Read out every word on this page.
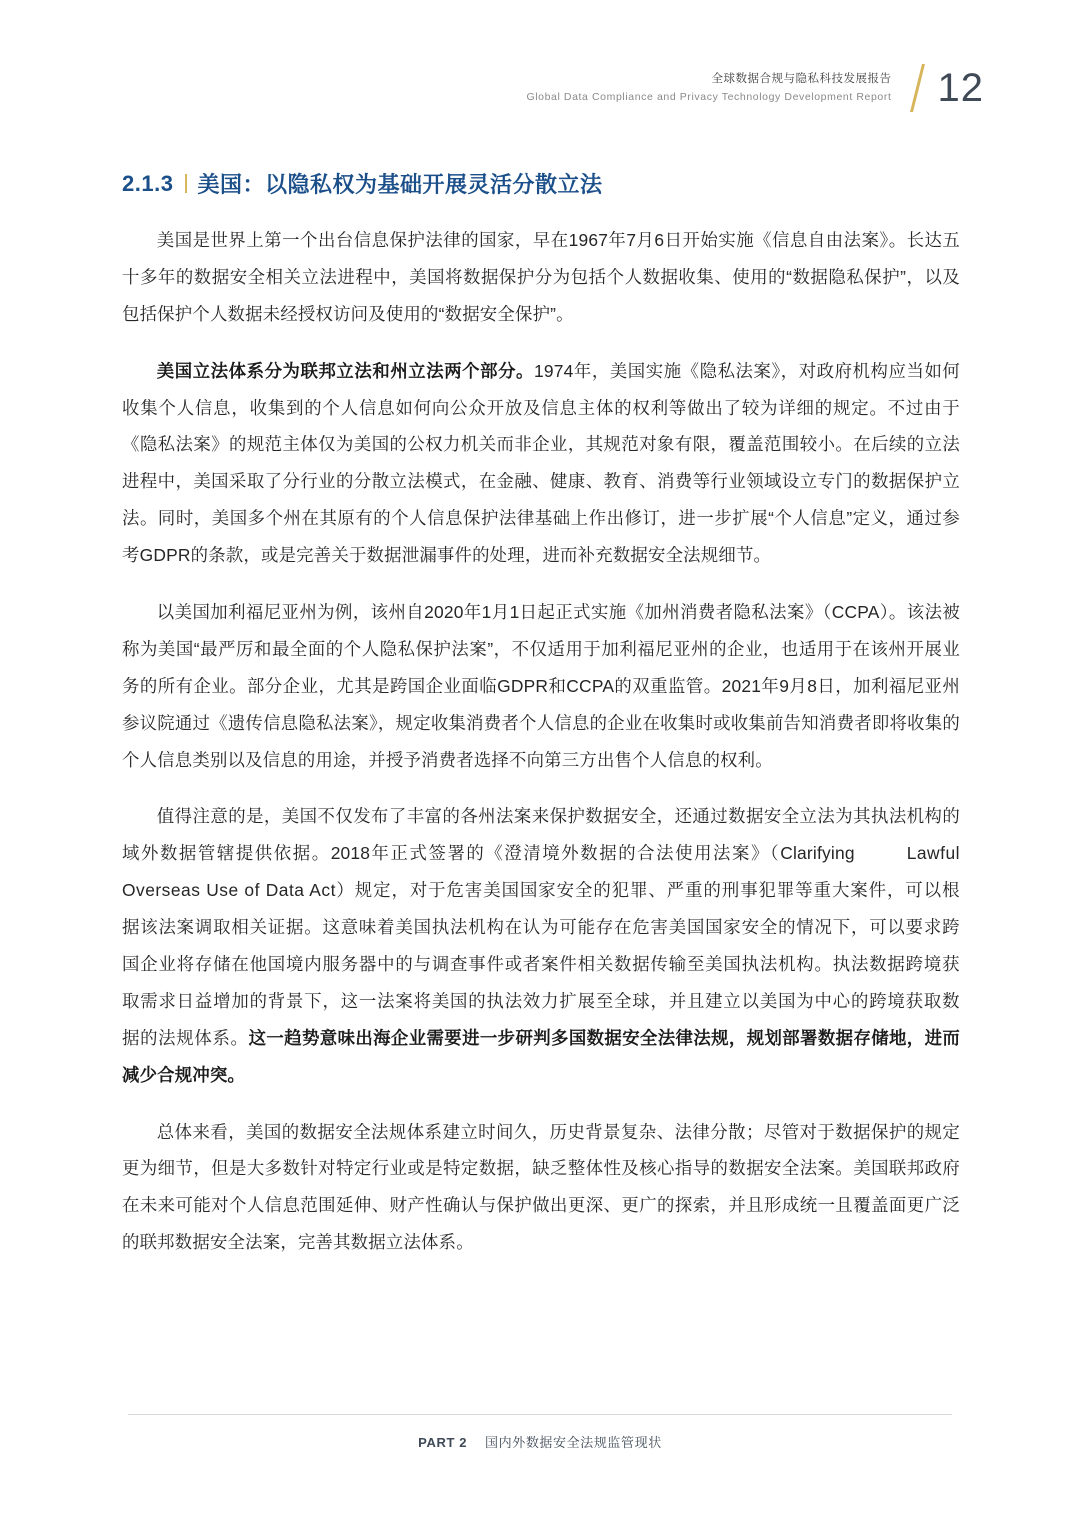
全球数据合规与隐私科技发展报告
Global Data Compliance and Privacy Technology Development Report 12
2.1.3 美国：以隐私权为基础开展灵活分散立法

美国是世界上第一个出台信息保护法律的国家，早在1967年7月6日开始实施《信息自由法案》。长达五十多年的数据安全相关立法进程中，美国将数据保护分为包括个人数据收集、使用的“数据隐私保护”，以及包括保护个人数据未经授权访问及使用的“数据安全保护”。

美国立法体系分为联邦立法和州立法两个部分。1974年，美国实施《隐私法案》，对政府机构应当如何收集个人信息，收集到的个人信息如何向公众开放及信息主体的权利等做出了较为详细的规定。不过由于《隐私法案》的规范主体仅为美国的公权力机关而非企业，其规范对象有限，覆盖范围较小。在后续的立法进程中，美国采取了分行业的分散立法模式，在金融、健康、教育、消费等行业领域设立专门的数据保护立法。同时，美国多个州在其原有的个人信息保护法律基础上作出修订，进一步扩展“个人信息”定义，通过参考GDPR的条款，或是完善关于数据泄漏事件的处理，进而补充数据安全法规细节。

以美国加利福尼亚州为例，该州自2020年1月1日起正式实施《加州消费者隐私法案》（CCPA）。该法被称为美国“最严厉和最全面的个人隐私保护法案”，不仅适用于加利福尼亚州的企业，也适用于在该州开展业务的所有企业。部分企业，尤其是跨国企业面临GDPR和CCPA的双重监管。2021年9月8日，加利福尼亚州参议院通过《遗传信息隐私法案》，规定收集消费者个人信息的企业在收集时或收集前告知消费者即将收集的个人信息类别以及信息的用途，并授予消费者选择不向第三方出售个人信息的权利。

值得注意的是，美国不仅发布了丰富的各州法案来保护数据安全，还通过数据安全立法为其执法机构的域外数据管辖提供依据。2018年正式签署的《澄清境外数据的合法使用法案》（Clarifying	Lawful Overseas Use of Data Act）规定，对于危害美国国家安全的犯罪、严重的刑事犯罪等重大案件，可以根据该法案调取相关证据。这意味着美国执法机构在认为可能存在危害美国国家安全的情况下，可以要求跨国企业将存储在他国境内服务器中的与调查事件或者案件相关数据传输至美国执法机构。执法数据跨境获取需求日益增加的背景下，这一法案将美国的执法效力扩展至全球，并且建立以美国为中心的跨境获取数据的法规体系。这一趋势意味出海企业需要进一步研判多国数据安全法律法规，规划部署数据存储地，进而减少合规冲突。

总体来看，美国的数据安全法规体系建立时间久，历史背景复杂、法律分散；尽管对于数据保护的规定更为细节，但是大多数针对特定行业或是特定数据，缺乏整体性及核心指导的数据安全法案。美国联邦政府在未来可能对个人信息范围延伸、财产性确认与保护做出更深、更广的探索，并且形成统一且覆盖面更广泛的联邦数据安全法案，完善其数据立法体系。

PART 2 国内外数据安全法规监管现状
